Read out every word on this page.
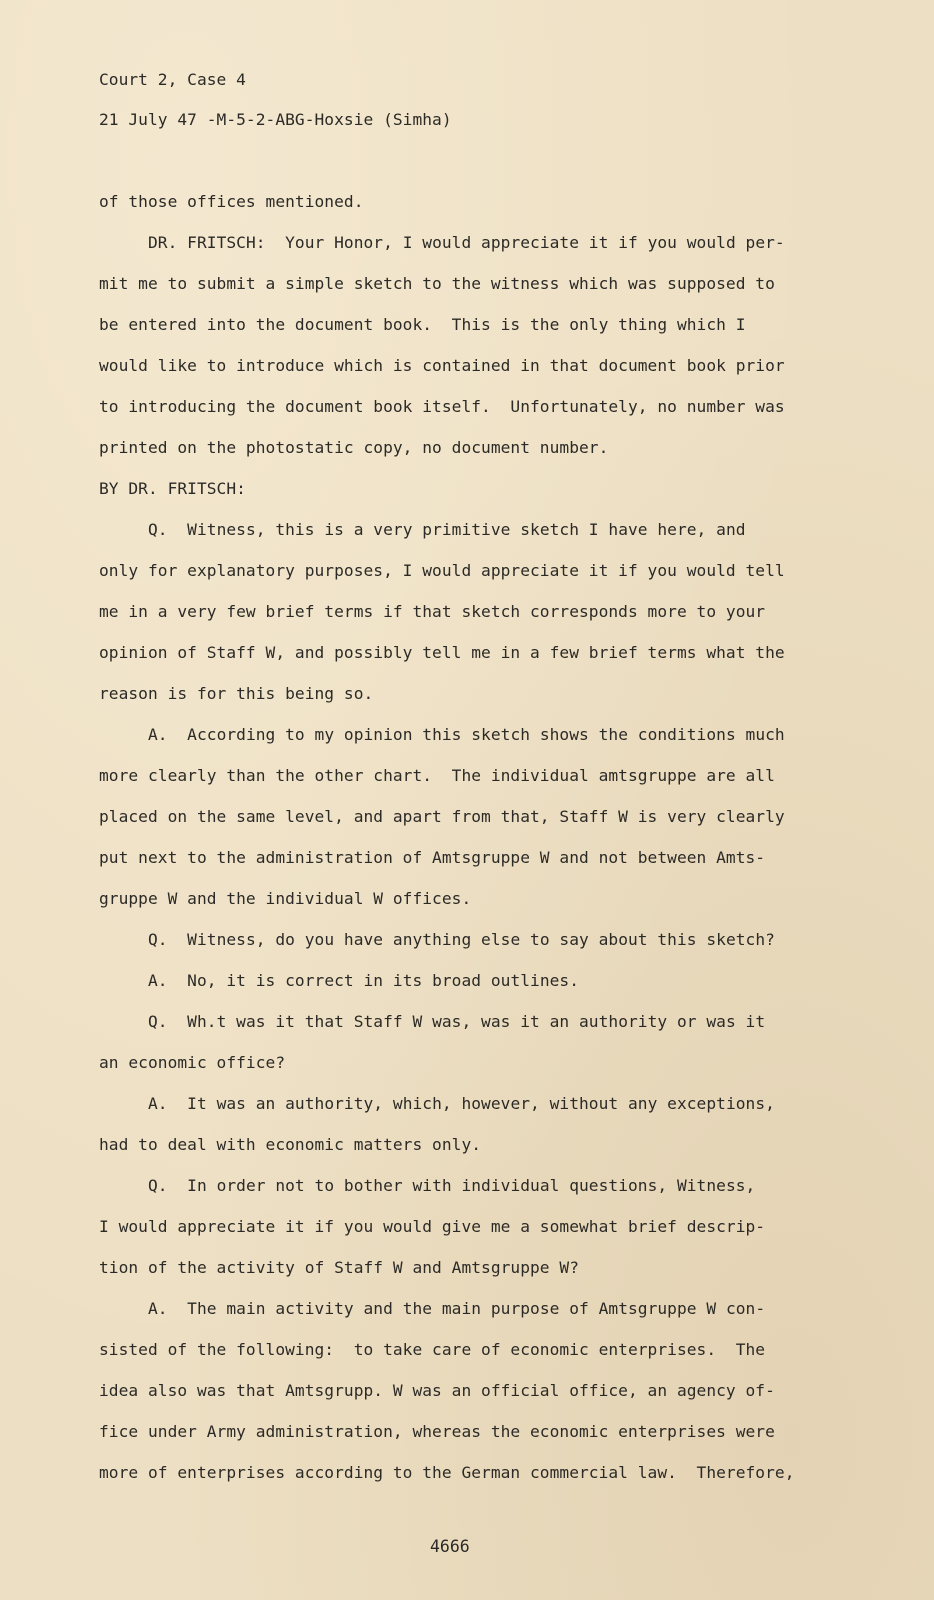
Court 2, Case 4
21 July 47 -M-5-2-ABG-Hoxsie (Simha)
of those offices mentioned.
DR. FRITSCH:  Your Honor, I would appreciate it if you would per-
mit me to submit a simple sketch to the witness which was supposed to
be entered into the document book.  This is the only thing which I
would like to introduce which is contained in that document book prior
to introducing the document book itself.  Unfortunately, no number was
printed on the photostatic copy, no document number.
BY DR. FRITSCH:
Q.  Witness, this is a very primitive sketch I have here, and
only for explanatory purposes, I would appreciate it if you would tell
me in a very few brief terms if that sketch corresponds more to your
opinion of Staff W, and possibly tell me in a few brief terms what the
reason is for this being so.
A.  According to my opinion this sketch shows the conditions much
more clearly than the other chart.  The individual amtsgruppe are all
placed on the same level, and apart from that, Staff W is very clearly
put next to the administration of Amtsgruppe W and not between Amts-
gruppe W and the individual W offices.
Q.  Witness, do you have anything else to say about this sketch?
A.  No, it is correct in its broad outlines.
Q.  Wh.t was it that Staff W was, was it an authority or was it
an economic office?
A.  It was an authority, which, however, without any exceptions,
had to deal with economic matters only.
Q.  In order not to bother with individual questions, Witness,
I would appreciate it if you would give me a somewhat brief descrip-
tion of the activity of Staff W and Amtsgruppe W?
A.  The main activity and the main purpose of Amtsgruppe W con-
sisted of the following:  to take care of economic enterprises.  The
idea also was that Amtsgrupp. W was an official office, an agency of-
fice under Army administration, whereas the economic enterprises were
more of enterprises according to the German commercial law.  Therefore,
4666
